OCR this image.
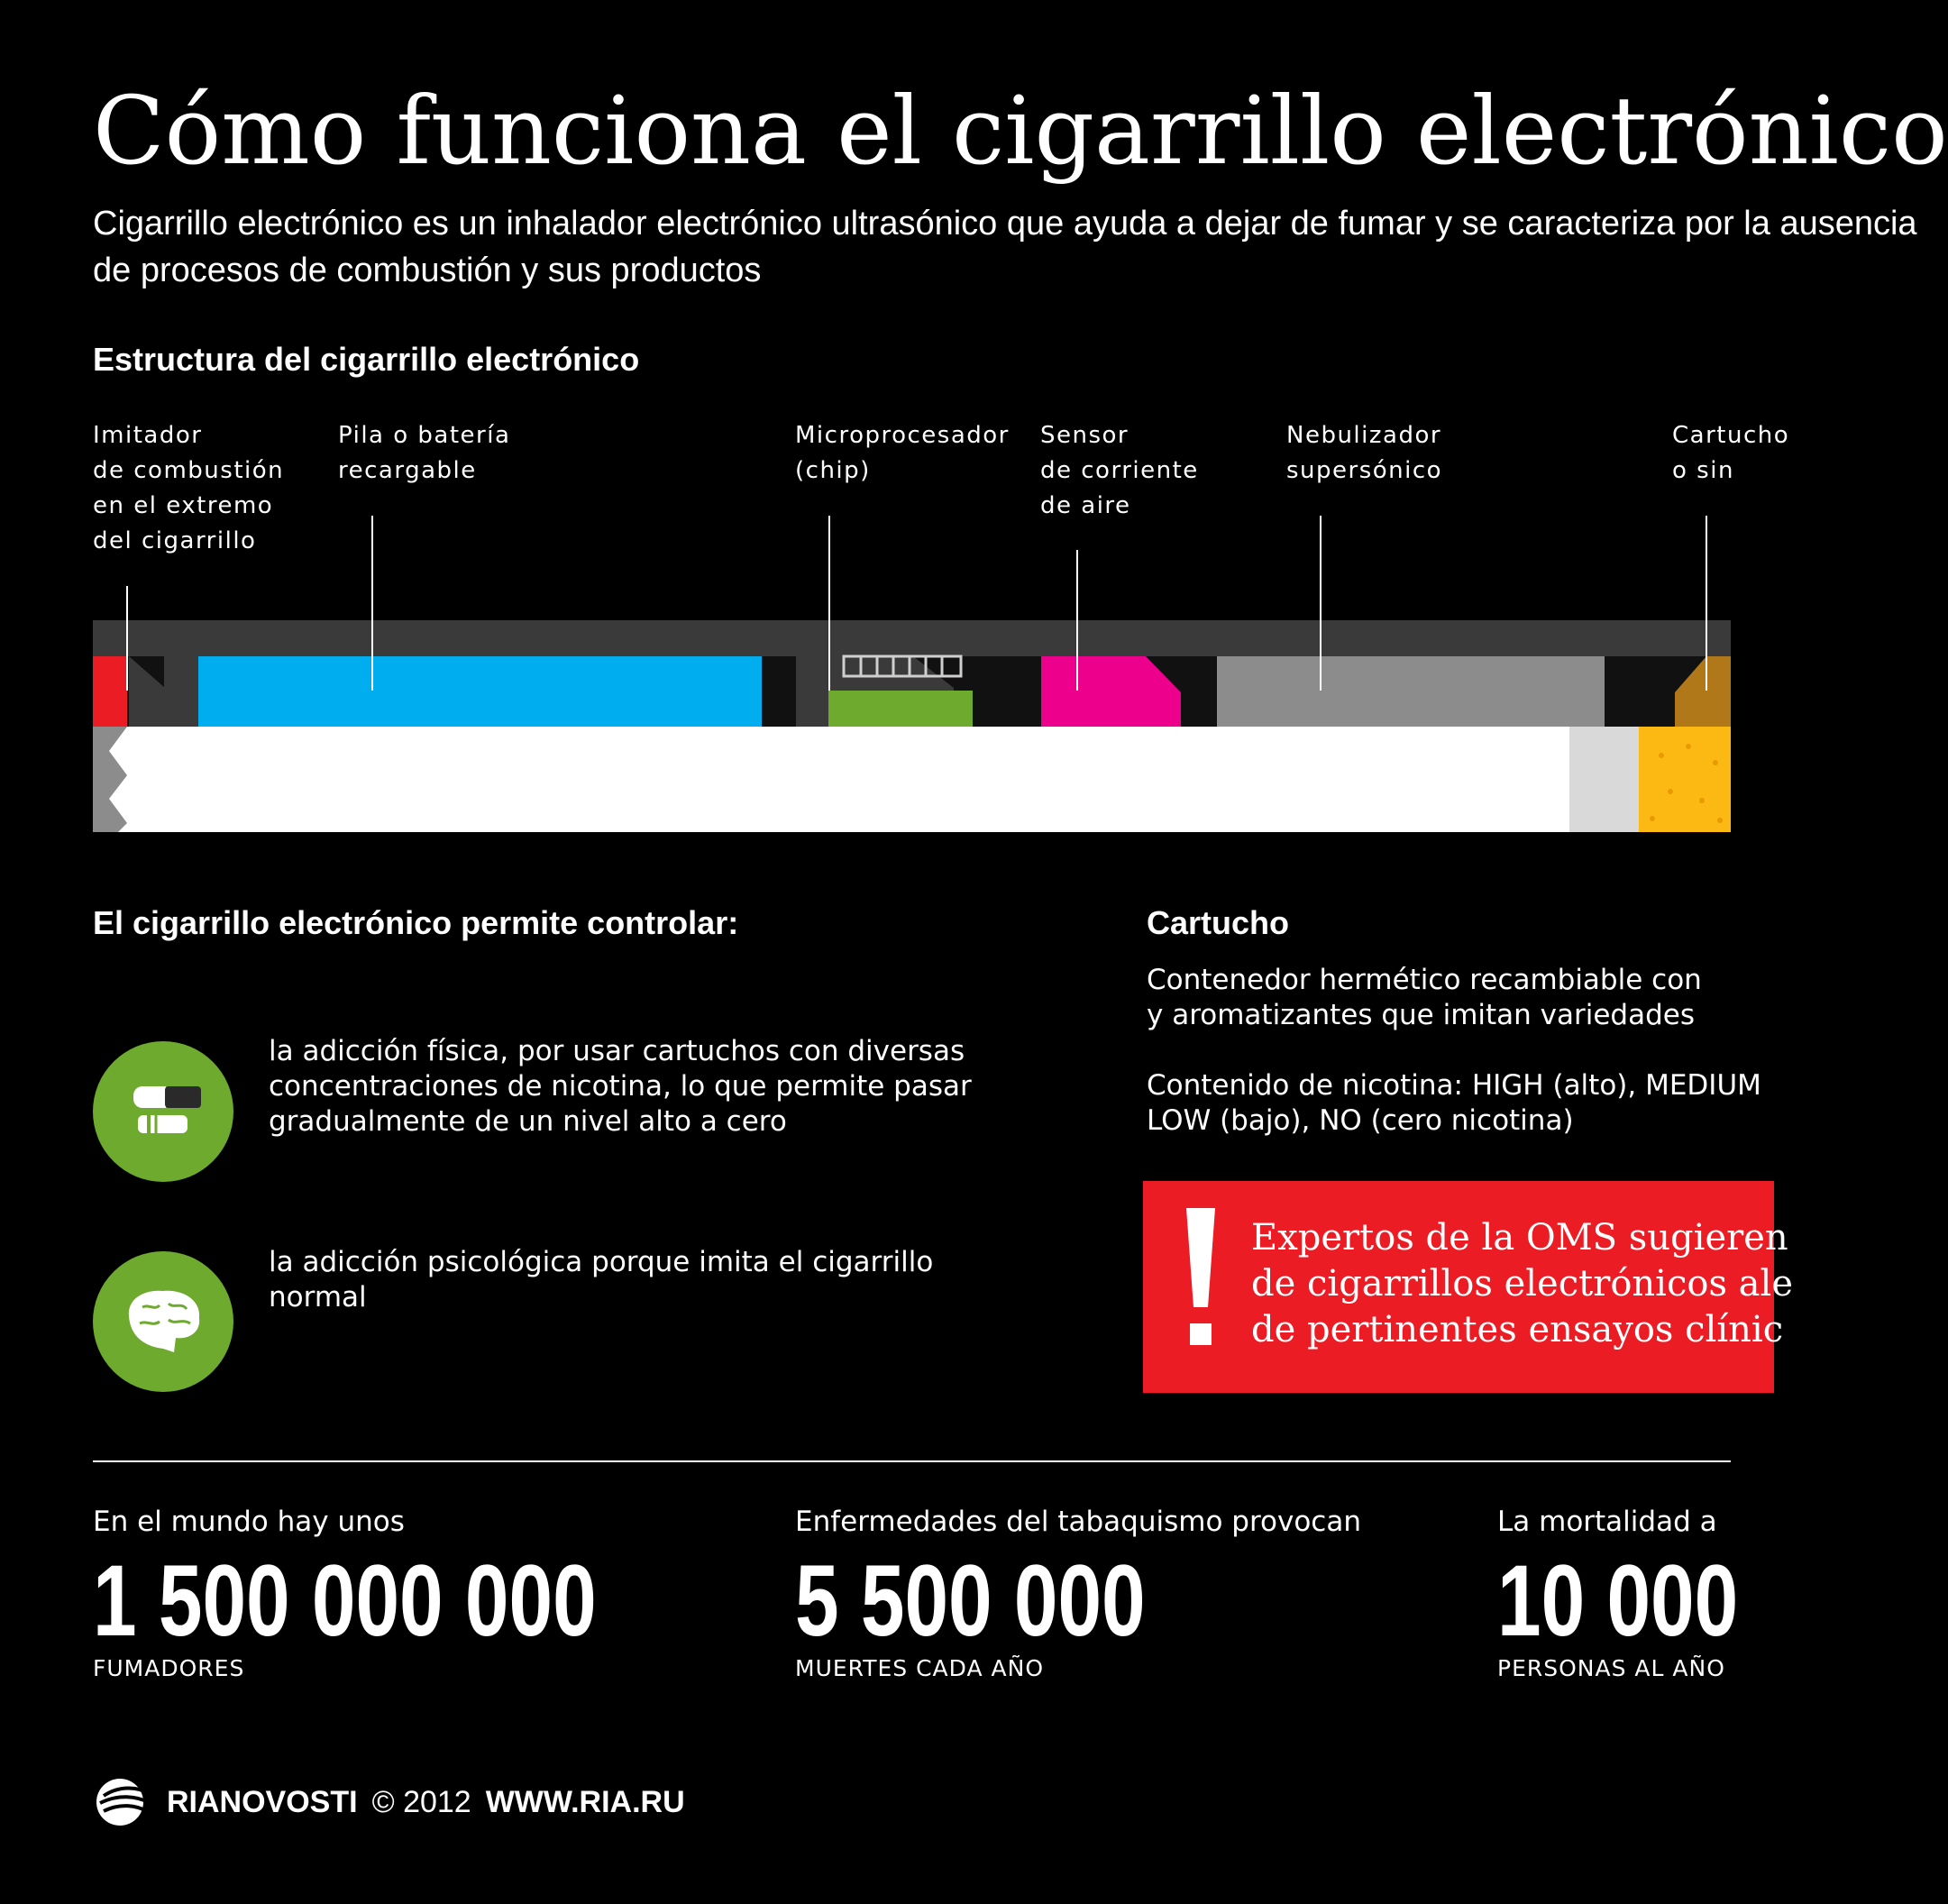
Cómo funciona el cigarrillo electrónico
Cigarrillo electrónico es un inhalador electrónico ultrasónico que ayuda a dejar de fumar y se caracteriza por la ausencia
de procesos de combustión y sus productos
Estructura del cigarrillo electrónico
Imitador
de combustión
en el extremo
del cigarrillo
Pila o batería
recargable
Microprocesador
(chip)
Sensor
de corriente
de aire
Nebulizador
supersónico
Cartucho
o sin
El cigarrillo electrónico permite controlar:
la adicción física, por usar cartuchos con diversas
concentraciones de nicotina, lo que permite pasar
gradualmente de un nivel alto a cero
la adicción psicológica porque imita el cigarrillo
normal
Cartucho
Contenedor hermético recambiable con
y aromatizantes que imitan variedades
Contenido de nicotina: HIGH (alto), MEDIUM
LOW (bajo), NO (cero nicotina)
Expertos de la OMS sugieren
de cigarrillos electrónicos ale
de pertinentes ensayos clínic
En el mundo hay unos
1 500 000 000
FUMADORES
Enfermedades del tabaquismo provocan
5 500 000
MUERTES CADA AÑO
La mortalidad a
10 000
PERSONAS AL AÑO
RIANOVOSTI © 2012 WWW.RIA.RU
